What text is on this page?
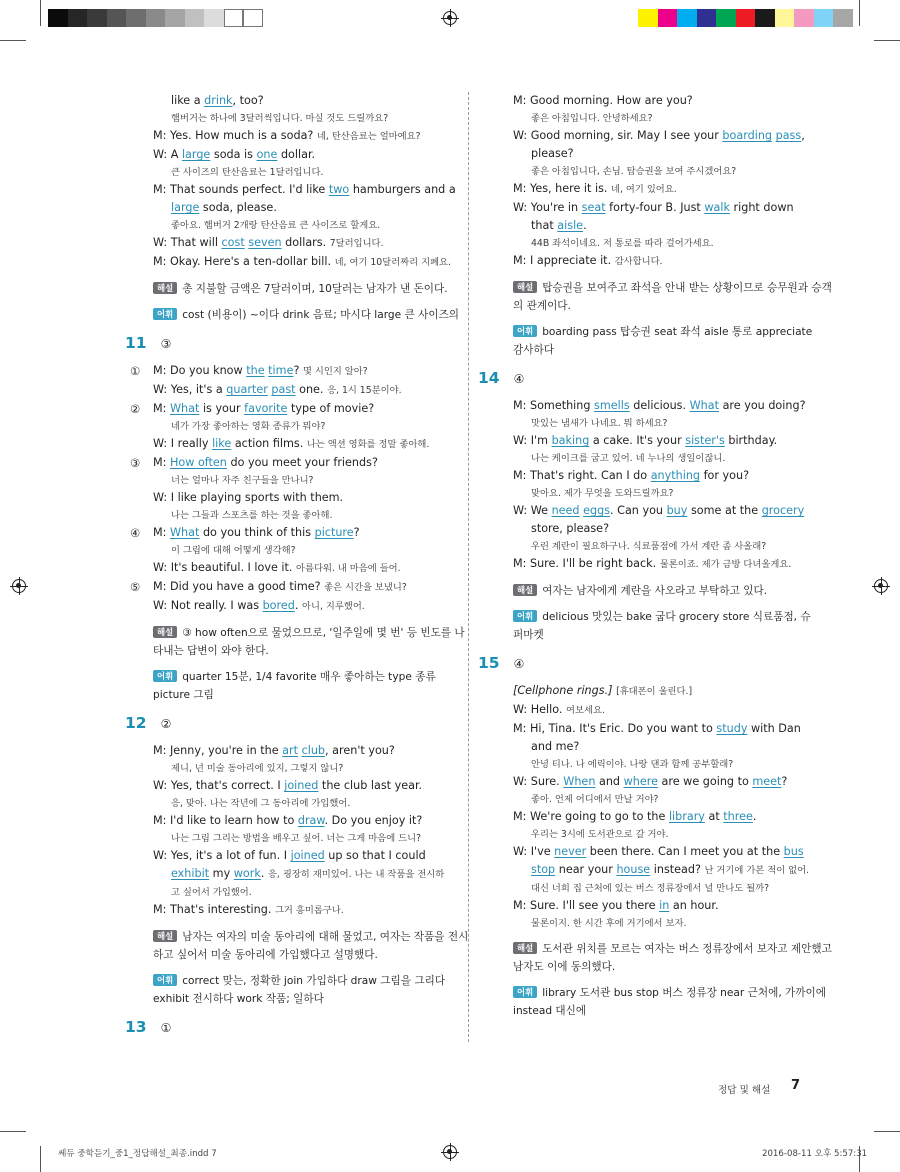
like a drink, too?
햄버거는 하나에 3달러씩입니다. 마실 것도 드릴까요?
M: Yes. How much is a soda? 네, 탄산음료는 얼마예요?
W: A large soda is one dollar.
큰 사이즈의 탄산음료는 1달러입니다.
M: That sounds perfect. I'd like two hamburgers and a
large soda, please.
좋아요. 햄버거 2개랑 탄산음료 큰 사이즈로 할게요.
W: That will cost seven dollars. 7달러입니다.
M: Okay. Here's a ten-dollar bill. 네, 여기 10달러짜리 지폐요.
해설 총 지불할 금액은 7달러이며, 10달러는 남자가 낸 돈이다.
어휘 cost (비용이) ~이다 drink 음료; 마시다 large 큰 사이즈의
11 ③
① M: Do you know the time? 몇 시인지 알아?
W: Yes, it's a quarter past one. 응, 1시 15분이야.
② M: What is your favorite type of movie?
네가 가장 좋아하는 영화 종류가 뭐야?
W: I really like action films. 나는 액션 영화를 정말 좋아해.
③ M: How often do you meet your friends?
너는 얼마나 자주 친구들을 만나니?
W: I like playing sports with them.
나는 그들과 스포츠를 하는 것을 좋아해.
④ M: What do you think of this picture?
이 그림에 대해 어떻게 생각해?
W: It's beautiful. I love it. 아름다워. 내 마음에 들어.
⑤ M: Did you have a good time? 좋은 시간을 보냈니?
W: Not really. I was bored. 아니, 지루했어.
해설 ③ how often으로 물었으므로, '일주일에 몇 번' 등 빈도를 나
타내는 답변이 와야 한다.
어휘 quarter 15분, 1/4 favorite 매우 좋아하는 type 종류
picture 그림
12 ②
M: Jenny, you're in the art club, aren't you?
제니, 넌 미술 동아리에 있지, 그렇지 않니?
W: Yes, that's correct. I joined the club last year.
응, 맞아. 나는 작년에 그 동아리에 가입했어.
M: I'd like to learn how to draw. Do you enjoy it?
나는 그림 그리는 방법을 배우고 싶어. 너는 그게 마음에 드니?
W: Yes, it's a lot of fun. I joined up so that I could
exhibit my work. 응, 굉장히 재미있어. 나는 내 작품을 전시하
고 싶어서 가입했어.
M: That's interesting. 그거 흥미롭구나.
해설 남자는 여자의 미술 동아리에 대해 물었고, 여자는 작품을 전시
하고 싶어서 미술 동아리에 가입했다고 설명했다.
어휘 correct 맞는, 정확한 join 가입하다 draw 그림을 그리다
exhibit 전시하다 work 작품; 일하다
13 ①
M: Good morning. How are you?
좋은 아침입니다. 안녕하세요?
W: Good morning, sir. May I see your boarding pass,
please?
좋은 아침입니다, 손님. 탑승권을 보여 주시겠어요?
M: Yes, here it is. 네, 여기 있어요.
W: You're in seat forty-four B. Just walk right down
that aisle.
44B 좌석이네요. 저 통로를 따라 걸어가세요.
M: I appreciate it. 감사합니다.
해설 탑승권을 보여주고 좌석을 안내 받는 상황이므로 승무원과 승객
의 관계이다.
어휘 boarding pass 탑승권 seat 좌석 aisle 통로 appreciate
감사하다
14 ④
M: Something smells delicious. What are you doing?
맛있는 냄새가 나네요. 뭐 하세요?
W: I'm baking a cake. It's your sister's birthday.
나는 케이크를 굽고 있어. 네 누나의 생일이잖니.
M: That's right. Can I do anything for you?
맞아요. 제가 무엇을 도와드릴까요?
W: We need eggs. Can you buy some at the grocery
store, please?
우린 계란이 필요하구나. 식료품점에 가서 계란 좀 사올래?
M: Sure. I'll be right back. 물론이죠. 제가 금방 다녀올게요.
해설 여자는 남자에게 계란을 사오라고 부탁하고 있다.
어휘 delicious 맛있는 bake 굽다 grocery store 식료품점, 슈
퍼마켓
15 ④
[Cellphone rings.] [휴대폰이 울린다.]
W: Hello. 여보세요.
M: Hi, Tina. It's Eric. Do you want to study with Dan
and me?
안녕 티나. 나 에릭이야. 나랑 댄과 함께 공부할래?
W: Sure. When and where are we going to meet?
좋아. 언제 어디에서 만날 거야?
M: We're going to go to the library at three.
우리는 3시에 도서관으로 갈 거야.
W: I've never been there. Can I meet you at the bus
stop near your house instead? 난 거기에 가본 적이 없어.
대신 너희 집 근처에 있는 버스 정류장에서 널 만나도 될까?
M: Sure. I'll see you there in an hour.
물론이지. 한 시간 후에 거기에서 보자.
해설 도서관 위치를 모르는 여자는 버스 정류장에서 보자고 제안했고
남자도 이에 동의했다.
어휘 library 도서관 bus stop 버스 정류장 near 근처에, 가까이에
instead 대신에
정답 및 해설 7
쎄듀 중학듣기_중1_정답해설_최종.indd 7	2016-08-11 오후 5:57:31
